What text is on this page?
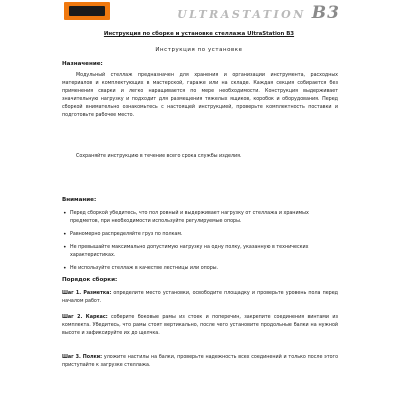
ULTRASTATION B3
Инструкция по сборке и установке стеллажа UltraStation B3
Инструкция по установке
Назначение:

Модульный стеллаж предназначен для хранения и организации инструмента, расходных материалов и комплектующих в мастерской, гараже или на складе. Каждая секция собирается без применения сварки и легко наращивается по мере необходимости. Конструкция выдерживает значительную нагрузку и подходит для размещения тяжелых ящиков, коробок и оборудования. Перед сборкой внимательно ознакомьтесь с настоящей инструкцией, проверьте комплектность поставки и подготовьте рабочее место.

Сохраняйте инструкцию в течение всего срока службы изделия.
Внимание:
• Перед сборкой убедитесь, что пол ровный и выдерживает нагрузку от стеллажа и хранимых предметов, при необходимости используйте регулируемые опоры.
• Равномерно распределяйте груз по полкам.
• Не превышайте максимально допустимую нагрузку на одну полку, указанную в технических характеристиках.
• Не используйте стеллаж в качестве лестницы или опоры.
Порядок сборки:

Шаг 1. Разметка: определите место установки, освободите площадку и проверьте уровень пола перед началом работ.

Шаг 2. Каркас: соберите боковые рамы из стоек и поперечин, закрепите соединения винтами из комплекта. Убедитесь, что рамы стоят вертикально, после чего установите продольные балки на нужной высоте и зафиксируйте их до щелчка.

Шаг 3. Полки: уложите настилы на балки, проверьте надежность всех соединений и только после этого приступайте к загрузке стеллажа.
